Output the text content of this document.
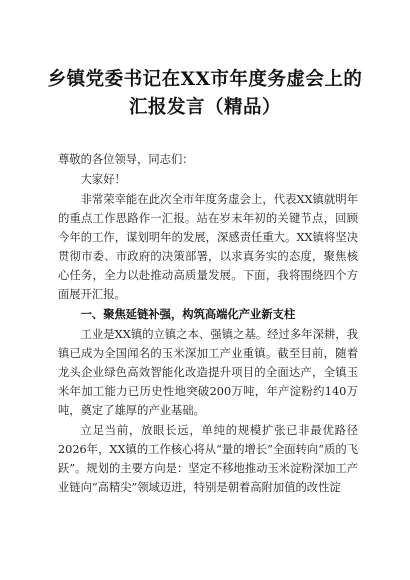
乡镇党委书记在XX市年度务虚会上的汇报发言（精品）

尊敬的各位领导，同志们：

大家好！

非常荣幸能在此次全市年度务虚会上，代表XX镇就明年的重点工作思路作一汇报。站在岁末年初的关键节点，回顾今年的工作，谋划明年的发展，深感责任重大。XX镇将坚决贯彻市委、市政府的决策部署，以求真务实的态度，聚焦核心任务，全力以赴推动高质量发展。下面，我将围绕四个方面展开汇报。

一、聚焦延链补强，构筑高端化产业新支柱

工业是XX镇的立镇之本、强镇之基。经过多年深耕，我镇已成为全国闻名的玉米深加工产业重镇。截至目前，随着龙头企业绿色高效智能化改造提升项目的全面达产，全镇玉米年加工能力已历史性地突破200万吨，年产淀粉约140万吨，奠定了雄厚的产业基础。

立足当前，放眼长远，单纯的规模扩张已非最优路径2026年，XX镇的工作核心将从“量的增长”全面转向“质的飞跃”。规划的主要方向是：坚定不移地推动玉米淀粉深加工产业链向“高精尖”领域迈进，特别是朝着高附加值的改性淀
